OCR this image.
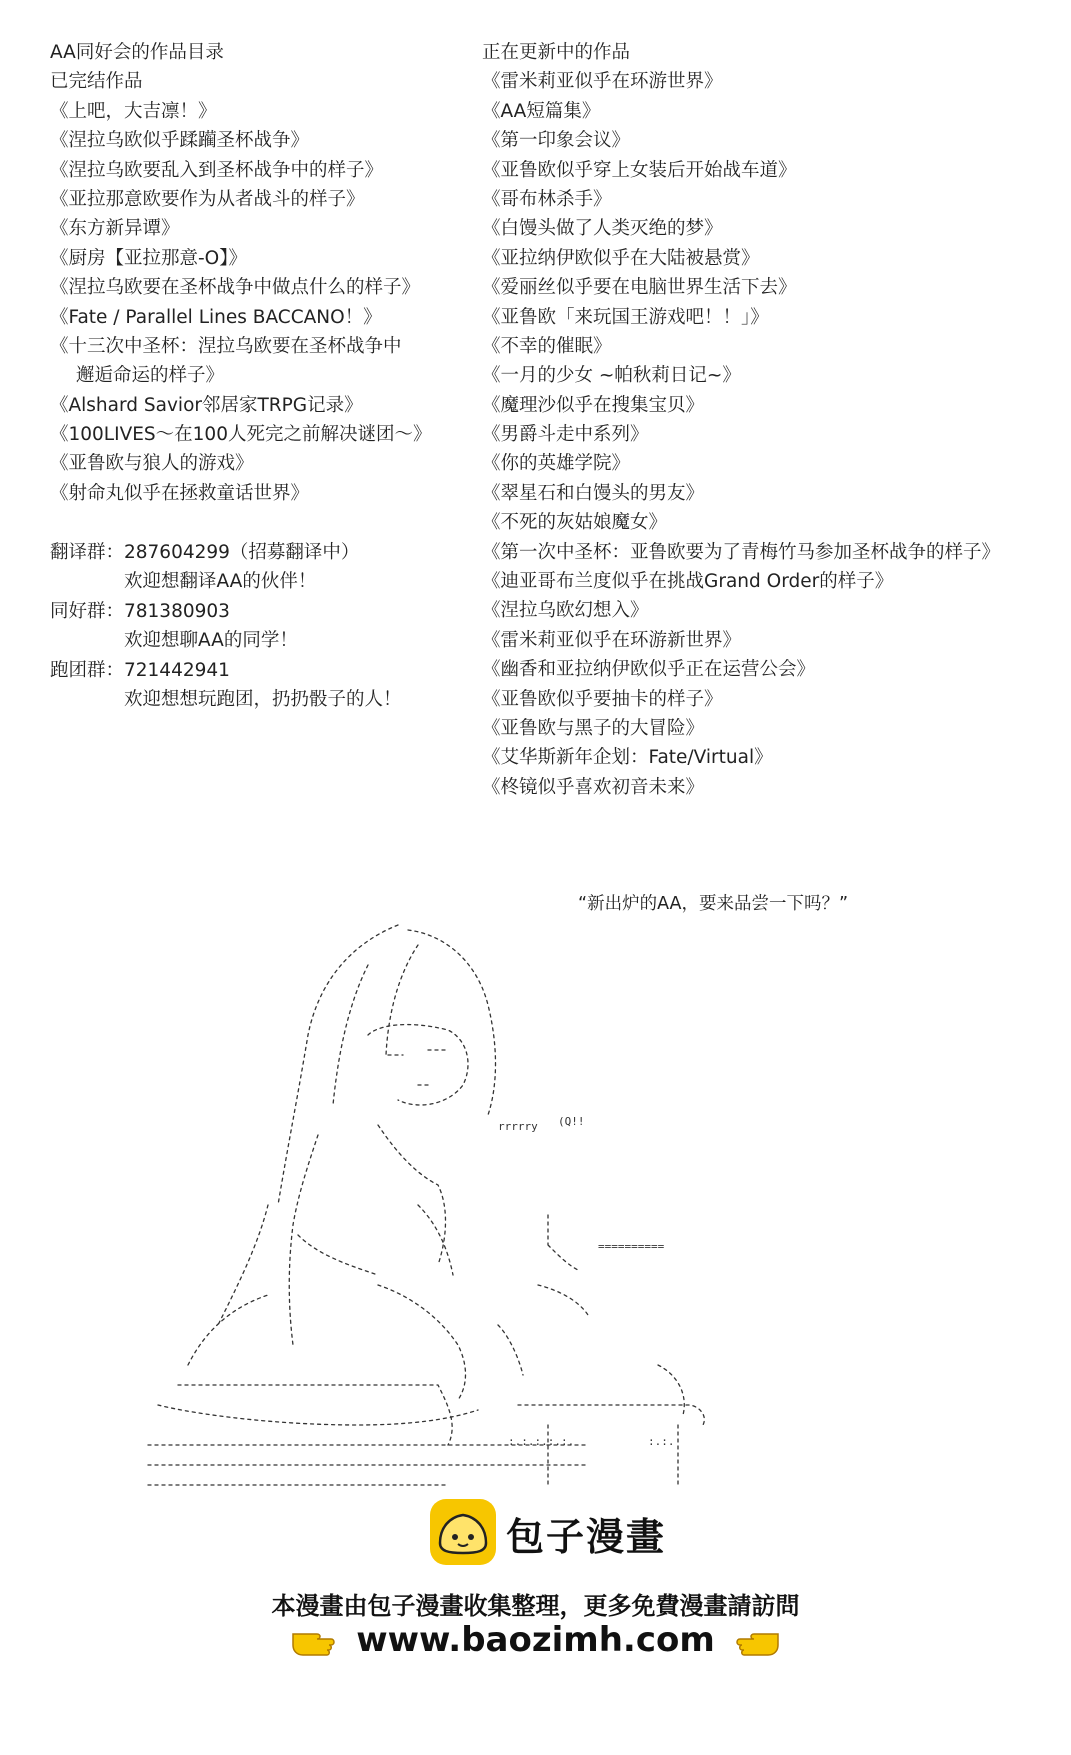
AA同好会的作品目录
已完结作品
《上吧，大吉凛！》
《涅拉乌欧似乎蹂躏圣杯战争》
《涅拉乌欧要乱入到圣杯战争中的样子》
《亚拉那意欧要作为从者战斗的样子》
《东方新异谭》
《厨房【亚拉那意-O】》
《涅拉乌欧要在圣杯战争中做点什么的样子》
《Fate / Parallel Lines BACCANO！》
《十三次中圣杯：涅拉乌欧要在圣杯战争中
邂逅命运的样子》
《Alshard Savior邻居家TRPG记录》
《100LIVES～在100人死完之前解决谜团～》
《亚鲁欧与狼人的游戏》
《射命丸似乎在拯救童话世界》
正在更新中的作品
《雷米莉亚似乎在环游世界》
《AA短篇集》
《第一印象会议》
《亚鲁欧似乎穿上女装后开始战车道》
《哥布林杀手》
《白馒头做了人类灭绝的梦》
《亚拉纳伊欧似乎在大陆被悬赏》
《爱丽丝似乎要在电脑世界生活下去》
《亚鲁欧「来玩国王游戏吧！！」》
《不幸的催眠》
《一月的少女 ~帕秋莉日记~》
《魔理沙似乎在搜集宝贝》
《男爵斗走中系列》
《你的英雄学院》
《翠星石和白馒头的男友》
《不死的灰姑娘魔女》
《第一次中圣杯：亚鲁欧要为了青梅竹马参加圣杯战争的样子》
《迪亚哥布兰度似乎在挑战Grand Order的样子》
《涅拉乌欧幻想入》
《雷米莉亚似乎在环游新世界》
《幽香和亚拉纳伊欧似乎正在运营公会》
《亚鲁欧似乎要抽卡的样子》
《亚鲁欧与黑子的大冒险》
《艾华斯新年企划：Fate/Virtual》
《柊镜似乎喜欢初音未来》
翻译群：287604299（招募翻译中）
欢迎想翻译AA的伙伴！
同好群：781380903
欢迎想聊AA的同学！
跑团群：721442941
欢迎想想玩跑团，扔扔骰子的人！
“新出炉的AA，要来品尝一下吗？”
rrrrry (Q!!
==========
:.:.:.:.:.	:.:.
包子漫畫
本漫畫由包子漫畫收集整理，更多免費漫畫請訪問
www.baozimh.com
